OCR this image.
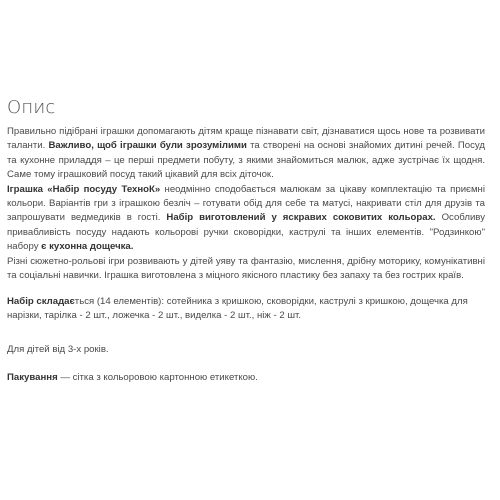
Опис

Правильно підібрані іграшки допомагають дітям краще пізнавати світ, дізнаватися щось нове та розвивати таланти. Важливо, щоб іграшки були зрозумілими та створені на основі знайомих дитині речей. Посуд та кухонне приладдя – це перші предмети побуту, з якими знайомиться малюк, адже зустрічає їх щодня. Саме тому іграшковий посуд такий цікавий для всіх діточок.

Іграшка «Набір посуду ТехноК» неодмінно сподобається малюкам за цікаву комплектацію та приємні кольори. Варіантів гри з іграшкою безліч – готувати обід для себе та матусі, накривати стіл для друзів та запрошувати ведмедиків в гості. Набір виготовлений у яскравих соковитих кольорах. Особливу привабливість посуду надають кольорові ручки сковорідки, каструлі та інших елементів. "Родзинкою" набору є кухонна дощечка.

Різні сюжетно-рольові ігри розвивають у дітей уяву та фантазію, мислення, дрібну моторику, комунікативні та соціальні навички. Іграшка виготовлена з міцного якісного пластику без запаху та без гострих країв.

Набір складається (14 елементів): сотейника з кришкою, сковорідки, каструлі з кришкою, дощечка для нарізки, тарілка - 2 шт., ложечка - 2 шт., виделка - 2 шт., ніж - 2 шт.
Для дітей від 3-х років.
Пакування — сітка з кольоровою картонною етикеткою.
